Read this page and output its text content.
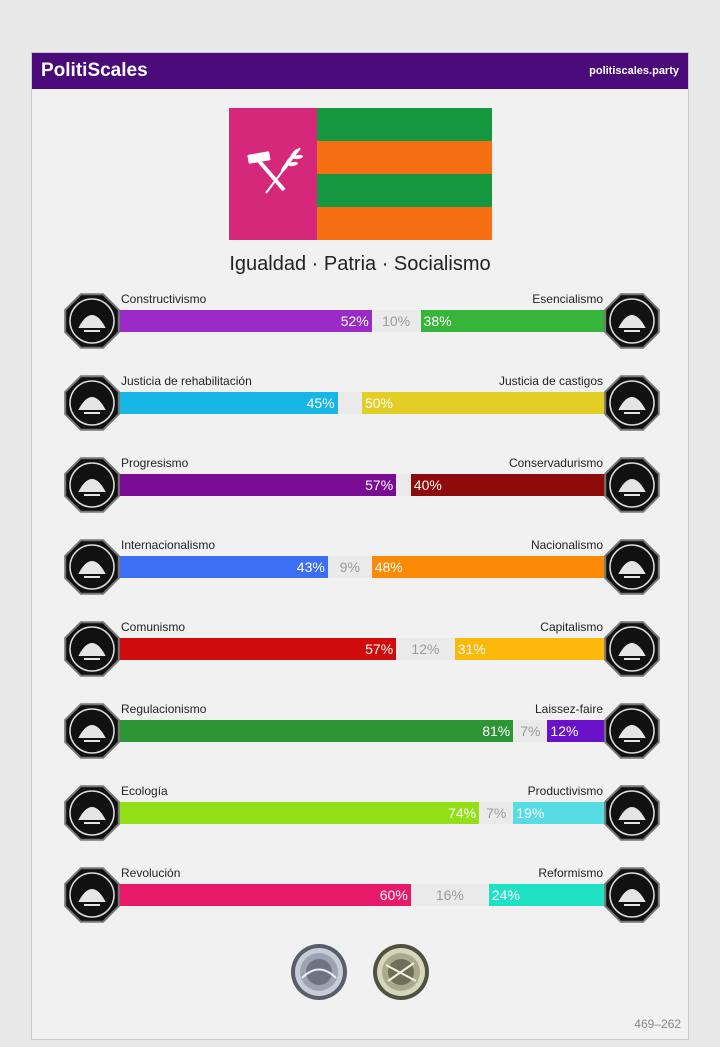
PolitiScales	politiscales.party
Igualdad · Patria · Socialismo
Constructivismo	Esencialismo
52% 10% 38%
Justicia de rehabilitación	Justicia de castigos
45% 50%
Progresismo	Conservadurismo
57% 40%
Internacionalismo	Nacionalismo
43%	9%	48%
Comunismo	Capitalismo
57%	12%	31%
Regulacionismo	Laissez-faire
81% 7% 12%
Ecología	Productivismo
74% 7% 19%
Revolución	Reformismo
60%	16%	24%
469–262
